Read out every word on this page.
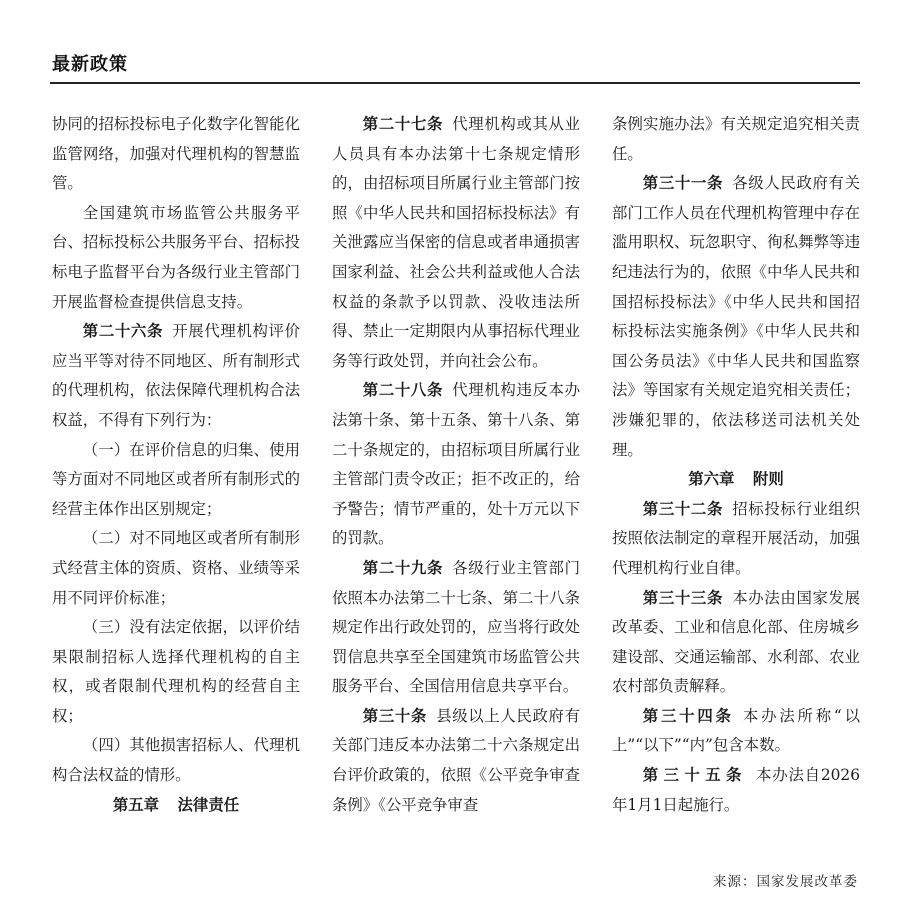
最新政策

协同的招标投标电子化数字化智能化监管网络，加强对代理机构的智慧监管。

全国建筑市场监管公共服务平台、招标投标公共服务平台、招标投标电子监督平台为各级行业主管部门开展监督检查提供信息支持。

第二十六条 开展代理机构评价应当平等对待不同地区、所有制形式的代理机构，依法保障代理机构合法权益，不得有下列行为：

（一）在评价信息的归集、使用等方面对不同地区或者所有制形式的经营主体作出区别规定；

（二）对不同地区或者所有制形式经营主体的资质、资格、业绩等采用不同评价标准；

（三）没有法定依据，以评价结果限制招标人选择代理机构的自主权，或者限制代理机构的经营自主权；

（四）其他损害招标人、代理机构合法权益的情形。

第五章 法律责任

第二十七条 代理机构或其从业人员具有本办法第十七条规定情形的，由招标项目所属行业主管部门按照《中华人民共和国招标投标法》有关泄露应当保密的信息或者串通损害国家利益、社会公共利益或他人合法权益的条款予以罚款、没收违法所得、禁止一定期限内从事招标代理业务等行政处罚，并向社会公布。

第二十八条 代理机构违反本办法第十条、第十五条、第十八条、第二十条规定的，由招标项目所属行业主管部门责令改正；拒不改正的，给予警告；情节严重的，处十万元以下的罚款。

第二十九条 各级行业主管部门依照本办法第二十七条、第二十八条规定作出行政处罚的，应当将行政处罚信息共享至全国建筑市场监管公共服务平台、全国信用信息共享平台。

第三十条 县级以上人民政府有关部门违反本办法第二十六条规定出台评价政策的，依照《公平竞争审查条例》《公平竞争审查

条例实施办法》有关规定追究相关责任。

第三十一条 各级人民政府有关部门工作人员在代理机构管理中存在滥用职权、玩忽职守、徇私舞弊等违纪违法行为的，依照《中华人民共和国招标投标法》《中华人民共和国招标投标法实施条例》《中华人民共和国公务员法》《中华人民共和国监察法》等国家有关规定追究相关责任；涉嫌犯罪的，依法移送司法机关处理。

第六章 附则

第三十二条 招标投标行业组织按照依法制定的章程开展活动，加强代理机构行业自律。

第三十三条 本办法由国家发展改革委、工业和信息化部、住房城乡建设部、交通运输部、水利部、农业农村部负责解释。

第三十四条 本办法所称“以上”“以下”“内”包含本数。

第三十五条 本办法自2026年1月1日起施行。

来源：国家发展改革委
